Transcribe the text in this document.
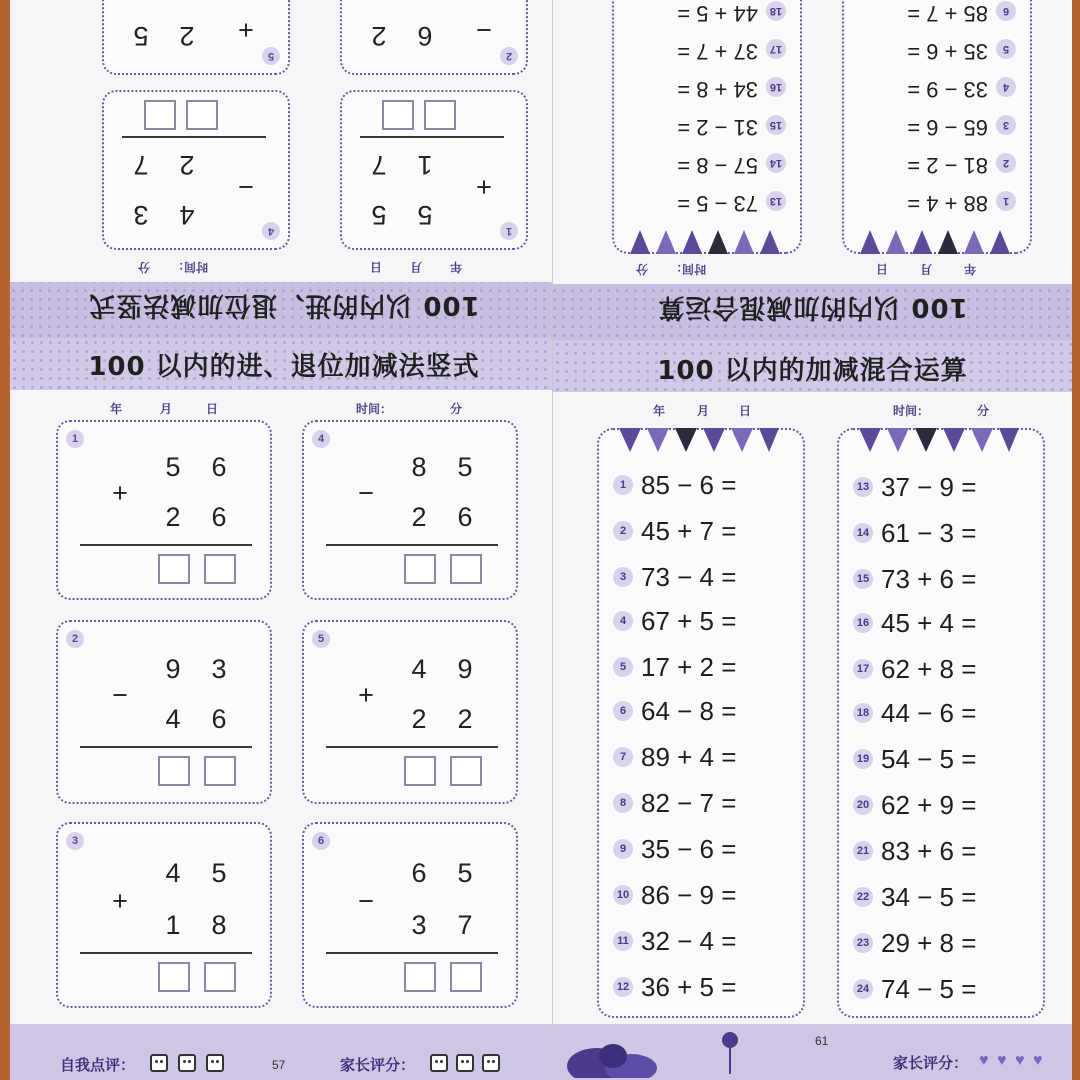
100 以内的进、退位加减法竖式
年
月
日
时间：
分
1
+
5
5
1
7
4
−
4
3
2
7
2
−
6
2
5
+
2
5
100 以内的进、退位加减法竖式
年	月	日	时间：	分
1
+
5 6
2 6
4
−
8 5
2 6
2
−
9 3
4 6
5
+
4 9
2 2
3
+
4 5
1 8
6
−
6 5
3 7
自我点评：	57	家长评分：
100 以内的加减混合运算
年
月
日
时间：
分
1
88 + 4 =
2
81 − 2 =
3
65 − 6 =
4
33 − 9 =
5
35 + 6 =
6
85 + 7 =
13
73 − 5 =
14
57 − 8 =
15
31 − 2 =
16
34 + 8 =
17
37 + 7 =
18
44 + 5 =
100 以内的加减混合运算
年	月 日	时间：	分
1 85 − 6 =
2 45 + 7 =
3 73 − 4 =
4 67 + 5 =
5 17 + 2 =
6 64 − 8 =
7 89 + 4 =
8 82 − 7 =
9 35 − 6 =
10 86 − 9 =
11 32 − 4 =
12 36 + 5 =
13 37 − 9 =
14 61 − 3 =
15 73 + 6 =
16 45 + 4 =
17 62 + 8 =
18 44 − 6 =
19 54 − 5 =
20 62 + 9 =
21 83 + 6 =
22 34 − 5 =
23 29 + 8 =
24 74 − 5 =
61
家长评分： ♥ ♥ ♥ ♥
